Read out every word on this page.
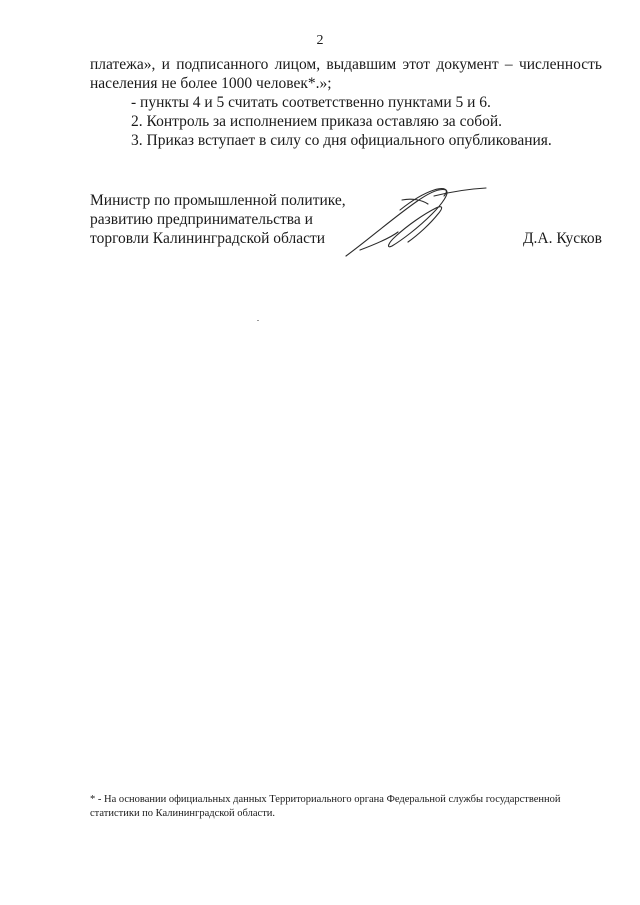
2
платежа», и подписанного лицом, выдавшим этот документ – численность
населения не более 1000 человек*.»;
- пункты 4 и 5 считать соответственно пунктами 5 и 6.
2. Контроль за исполнением приказа оставляю за собой.
3. Приказ вступает в силу со дня официального опубликования.
Министр по промышленной политике,
развитию предпринимательства и
торговли Калининградской области	Д.А. Кусков
* - На основании официальных данных Территориального органа Федеральной службы государственной
статистики по Калининградской области.
